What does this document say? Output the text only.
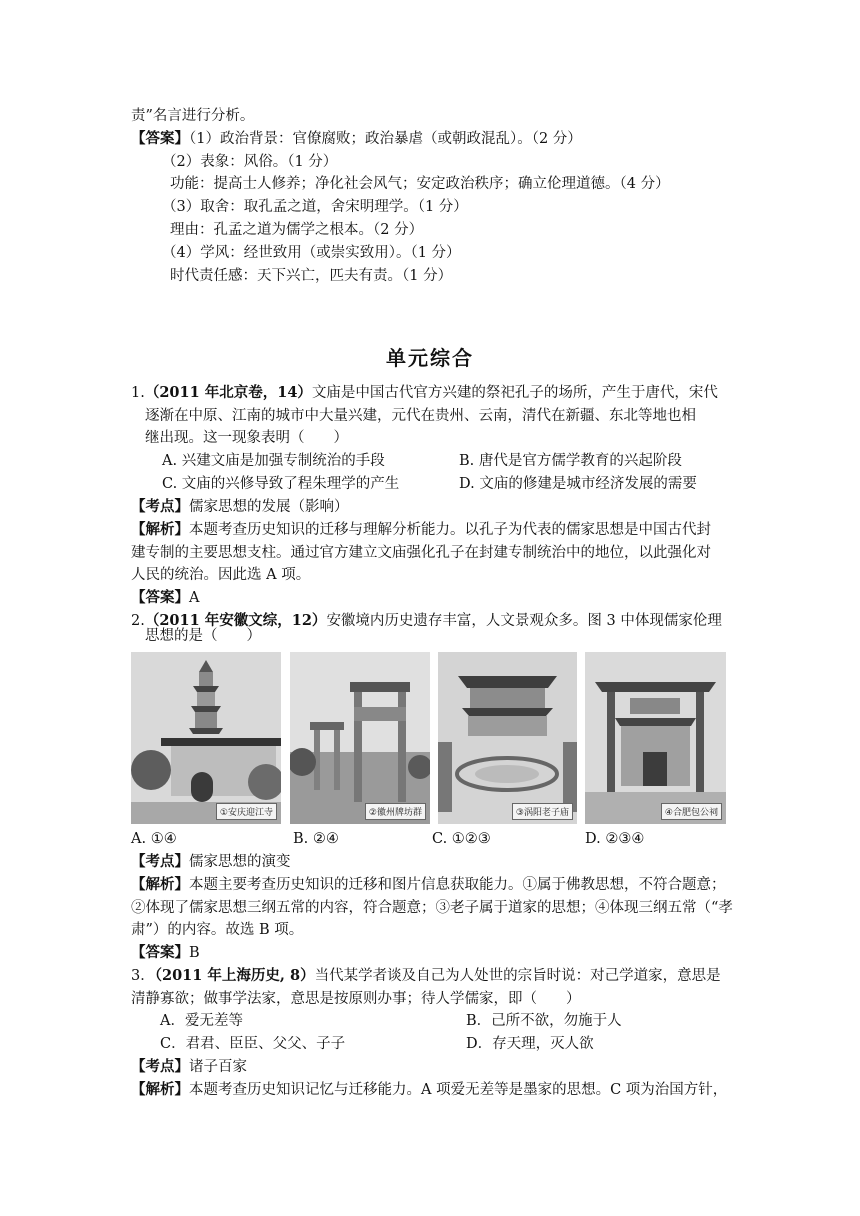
责”名言进行分析。
【答案】（1）政治背景：官僚腐败；政治暴虐（或朝政混乱）。（2 分）
（2）表象：风俗。（1 分）
功能：提高士人修养；净化社会风气；安定政治秩序；确立伦理道德。（4 分）
（3）取舍：取孔孟之道，舍宋明理学。（1 分）
理由：孔孟之道为儒学之根本。（2 分）
（4）学风：经世致用（或崇实致用）。（1 分）
时代责任感：天下兴亡，匹夫有责。（1 分）
单元综合
1.（2011 年北京卷，14）文庙是中国古代官方兴建的祭祀孔子的场所，产生于唐代，宋代
逐渐在中原、江南的城市中大量兴建，元代在贵州、云南，清代在新疆、东北等地也相
继出现。这一现象表明（　　）
A. 兴建文庙是加强专制统治的手段	B. 唐代是官方儒学教育的兴起阶段
C. 文庙的兴修导致了程朱理学的产生	D. 文庙的修建是城市经济发展的需要
【考点】儒家思想的发展（影响）
【解析】本题考查历史知识的迁移与理解分析能力。以孔子为代表的儒家思想是中国古代封
建专制的主要思想支柱。通过官方建立文庙强化孔子在封建专制统治中的地位，以此强化对
人民的统治。因此选 A 项。
【答案】A
2.（2011 年安徽文综，12）安徽境内历史遗存丰富，人文景观众多。图 3 中体现儒家伦理
思想的是（　　）
①安庆迎江寺	②徽州牌坊群	③涡阳老子庙	④合肥包公祠
A. ①④	B. ②④	C. ①②③	D. ②③④
【考点】儒家思想的演变
【解析】本题主要考查历史知识的迁移和图片信息获取能力。①属于佛教思想，不符合题意；
②体现了儒家思想三纲五常的内容，符合题意；③老子属于道家的思想；④体现三纲五常（“孝
肃”）的内容。故选 B 项。
【答案】B
3．（2011 年上海历史, 8）当代某学者谈及自己为人处世的宗旨时说：对己学道家，意思是
清静寡欲；做事学法家，意思是按原则办事；待人学儒家，即（　　）
A．爱无差等	B．己所不欲，勿施于人
C．君君、臣臣、父父、子子	D．存天理，灭人欲
【考点】诸子百家
【解析】本题考查历史知识记忆与迁移能力。A 项爱无差等是墨家的思想。C 项为治国方针，
